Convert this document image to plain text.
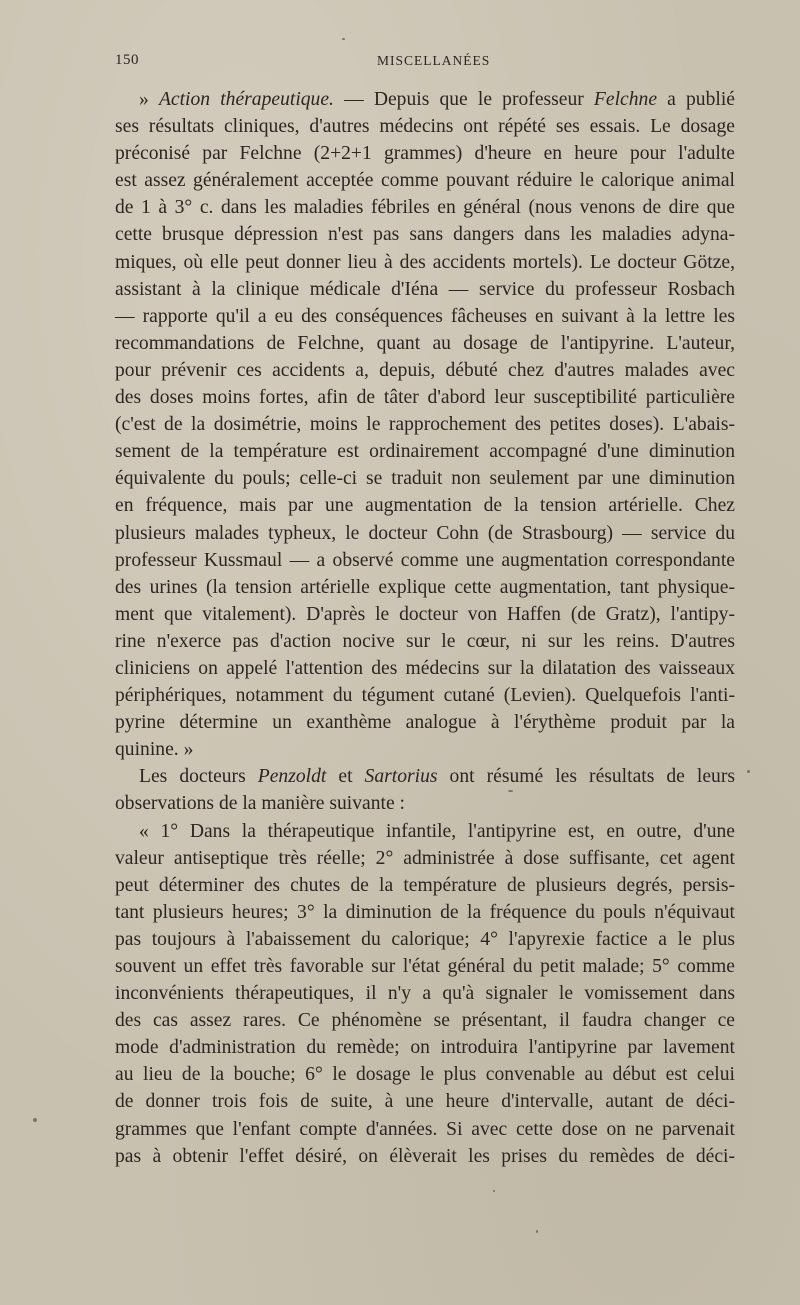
150	MISCELLANÉES
» Action thérapeutique. — Depuis que le professeur Felchne a publié
ses résultats cliniques, d'autres médecins ont répété ses essais. Le dosage
préconisé par Felchne (2+2+1 grammes) d'heure en heure pour l'adulte
est assez généralement acceptée comme pouvant réduire le calorique animal
de 1 à 3° c. dans les maladies fébriles en général (nous venons de dire que
cette brusque dépression n'est pas sans dangers dans les maladies adyna-
miques, où elle peut donner lieu à des accidents mortels). Le docteur Götze,
assistant à la clinique médicale d'Iéna — service du professeur Rosbach
— rapporte qu'il a eu des conséquences fâcheuses en suivant à la lettre les
recommandations de Felchne, quant au dosage de l'antipyrine. L'auteur,
pour prévenir ces accidents a, depuis, débuté chez d'autres malades avec
des doses moins fortes, afin de tâter d'abord leur susceptibilité particulière
(c'est de la dosimétrie, moins le rapprochement des petites doses). L'abais-
sement de la température est ordinairement accompagné d'une diminution
équivalente du pouls; celle-ci se traduit non seulement par une diminution
en fréquence, mais par une augmentation de la tension artérielle. Chez
plusieurs malades typheux, le docteur Cohn (de Strasbourg) — service du
professeur Kussmaul — a observé comme une augmentation correspondante
des urines (la tension artérielle explique cette augmentation, tant physique-
ment que vitalement). D'après le docteur von Haffen (de Gratz), l'antipy-
rine n'exerce pas d'action nocive sur le cœur, ni sur les reins. D'autres
cliniciens on appelé l'attention des médecins sur la dilatation des vaisseaux
périphériques, notamment du tégument cutané (Levien). Quelquefois l'anti-
pyrine détermine un exanthème analogue à l'érythème produit par la
quinine. »
Les docteurs Penzoldt et Sartorius ont résumé les résultats de leurs
observations de la manière suivante :
« 1° Dans la thérapeutique infantile, l'antipyrine est, en outre, d'une
valeur antiseptique très réelle; 2° administrée à dose suffisante, cet agent
peut déterminer des chutes de la température de plusieurs degrés, persis-
tant plusieurs heures; 3° la diminution de la fréquence du pouls n'équivaut
pas toujours à l'abaissement du calorique; 4° l'apyrexie factice a le plus
souvent un effet très favorable sur l'état général du petit malade; 5° comme
inconvénients thérapeutiques, il n'y a qu'à signaler le vomissement dans
des cas assez rares. Ce phénomène se présentant, il faudra changer ce
mode d'administration du remède; on introduira l'antipyrine par lavement
au lieu de la bouche; 6° le dosage le plus convenable au début est celui
de donner trois fois de suite, à une heure d'intervalle, autant de déci-
grammes que l'enfant compte d'années. Si avec cette dose on ne parvenait
pas à obtenir l'effet désiré, on élèverait les prises du remèdes de déci-
